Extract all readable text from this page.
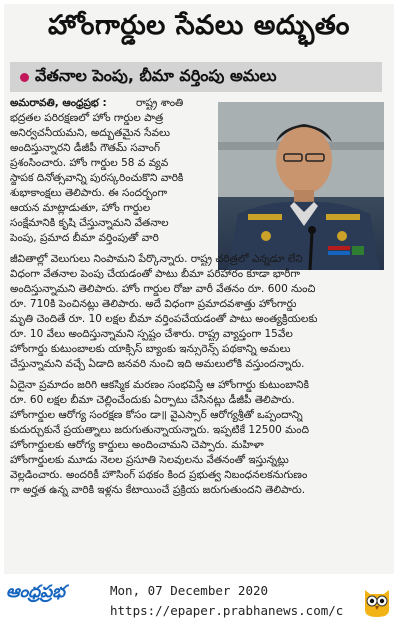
హోంగార్డుల సేవలు అద్భుతం
వేతనాల పెంపు, బీమా వర్తింపు అమలు
అమరావతి, ఆంధ్రప్రభ :	రాష్ట్ర శాంతి
భద్రతల పరిరక్షణలో హోం గార్డుల పాత్ర
అనిర్వచనీయమని, అద్భుతమైన సేవలు
అందిస్తున్నారని డీజీపీ గౌతమ్ సవాంగ్
ప్రశంసించారు. హోం గార్డుల 58 వ వ్యవ
స్థాపక దినోత్సవాన్ని పురస్కరించుకొని వారికి
శుభాకాంక్షలు తెలిపారు. ఈ సందర్భంగా
ఆయన మాట్లాడుతూ, హోం గార్డుల
సంక్షేమానికి కృషి చేస్తున్నామని వేతనాల
పెంపు, ప్రమాద బీమా వర్తింపుతో వారి
జీవితాల్లో వెలుగులు నింపామని పేర్కొన్నారు. రాష్ట్ర చరిత్రలో ఎన్నడూ లేని
విధంగా వేతనాల పెంపు చేయడంతో పాటు బీమా పరిహారం కూడా భారీగా
అందిస్తున్నామని తెలిపారు. హోం గార్డుల రోజు వారీ వేతనం రూ. 600 నుంచి
రూ. 710కి పెంచినట్లు తెలిపారు. అదే విధంగా ప్రమాదవశాత్తు హోంగార్డు
మృతి చెందితే రూ. 10 లక్షల బీమా వర్తింపచేయడంతో పాటు అంత్యక్రియలకు
రూ. 10 వేలు అందిస్తున్నామని స్పష్టం చేశారు. రాష్ట్ర వ్యాప్తంగా 15వేల
హోంగార్డు కుటుంబాలకు యాక్సిస్ బ్యాంకు ఇన్సురెన్స్ పథకాన్ని అమలు
చేస్తున్నామని వచ్చే ఏడాది జనవరి నుంచి ఇది అమలులోకి వస్తుందన్నారు.
ఏదైనా ప్రమాదం జరిగి ఆకస్మిక మరణం సంభవిస్తే ఆ హోంగార్డు కుటుంబానికి
రూ. 60 లక్షల బీమా చెల్లించేందుకు ఏర్పాటు చేసినట్లు డీజీపీ తెలిపారు.
హోంగార్డుల ఆరోగ్య సంరక్షణ కోసం డా॥ వైఎస్సార్ ఆరోగ్యశ్రీతో ఒప్పందాన్ని
కుదుర్చుకునే ప్రయత్నాలు జరుగుతున్నాయన్నారు. ఇప్పటికే 12500 మంది
హోంగార్డులకు ఆరోగ్య కార్డులు అందించామని చెప్పారు. మహిళా
హోంగార్డులకు మూడు నెలల ప్రసూతి సెలవులను వేతనంతో ఇస్తున్నట్లు
వెల్లడించారు. అందరికీ హౌసింగ్ పథకం కింద ప్రభుత్వ నిబంధనలకనుగుణం
గా అర్హత ఉన్న వారికి ఇళ్లను కేటాయించే ప్రక్రియ జరుగుతుందని తెలిపారు.
ఆంధ్రప్రభ	Mon, 07 December 2020
https://epaper.prabhanews.com/c
